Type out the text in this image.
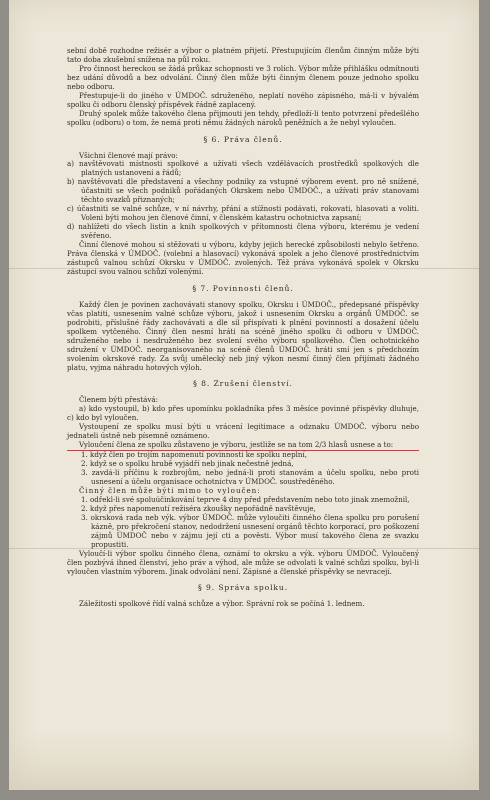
sební době rozhodne režisér a výbor o platném přijetí. Přestupujícím členům činným může býti tato doba zkušební snížena na půl roku.

Pro činnost hereckou se žádá průkaz schopnosti ve 3 rolích. Výbor může přihlášku odmítnouti bez udání důvodů a bez odvolání. Činný člen může býti činným členem pouze jednoho spolku nebo odboru.

Přestupuje-li do jiného v ÚMDOČ. sdruženého, neplatí nového zápisného, má-li v bývalém spolku či odboru členský příspěvek řádně zaplacený.

Druhý spolek může takového člena přijmouti jen tehdy, předloží-li tento potvrzení předešlého spolku (odboru) o tom, že nemá proti němu žádných nároků peněžních a že nebyl vyloučen.

§ 6. Práva členů.

Všichni členové mají právo:

a) navštěvovati místnosti spolkové a užívati všech vzdělávacích prostředků spolkových dle platných ustanovení a řádů;

b) navštěvovati dle představení a všechny podniky za vstupné výborem event. pro ně snížené, účastniti se všech podniků pořádaných Okrskem nebo ÚMDOČ., a užívati práv stanovami těchto svazků přiznaných;

c) účastniti se valné schůze, v ní návrhy, přání a stížnosti podávati, rokovati, hlasovati a voliti. Voleni býti mohou jen členové činní, v členském katastru ochotnictva zapsaní;

d) nahlížeti do všech listin a knih spolkových v přítomnosti člena výboru, kterému je vedení svěřeno.

Činní členové mohou si stěžovati u výboru, kdyby jejich herecké způsobilosti nebylo šetřeno. Práva členská v ÚMDOČ. (volební a hlasovací) vykonává spolek a jeho členové prostřednictvím zástupců valnou schůzí Okrsku v ÚMDOČ. zvolených. Též práva vykonává spolek v Okrsku zástupci svou valnou schůzí volenými.

§ 7. Povinnosti členů.

Každý člen je povinen zachovávati stanovy spolku, Okrsku i ÚMDOČ., předepsané příspěvky včas platiti, usnesením valné schůze výboru, jakož i usnesením Okrsku a orgánů ÚMDOČ. se podrobiti, příslušné řády zachovávati a dle sil přispívati k plnění povinností a dosažení účelu spolkem vytčeného. Činný člen nesmí hráti na scéně jiného spolku či odboru v ÚMDOČ. sdruženého nebo i nesdruženého bez svolení svého výboru spolkového. Člen ochotnického sdružení v ÚMDOČ. neorganisovaného na scéně členů ÚMDOČ. hráti smí jen s předchozím svolením okrskové rady. Za svůj umělecký neb jiný výkon nesmí činný člen přijímati žádného platu, vyjma náhradu hotových výloh.

§ 8. Zrušení členství.

Členem býti přestává:

a) kdo vystoupil, b) kdo přes upomínku pokladníka přes 3 měsíce povinné příspěvky dluhuje, c) kdo byl vyloučen.

Vystoupení ze spolku musí býti u vrácení legitimace a odznaku ÚMDOČ. výboru nebo jednateli ústně neb písemně oznámeno.

Vyloučení člena ze spolku zůstaveno je výboru, jestliže se na tom 2/3 hlasů usnese a to:

1. když člen po trojím napomenutí povinnosti ke spolku neplní,

2. když se o spolku hrubě vyjádří neb jinak nečestně jedná,

3. zavdá-li příčinu k rozbrojům, nebo jedná-li proti stanovám a účelu spolku, nebo proti usnesení a účelu organisace ochotnictva v ÚMDOČ. soustředěného.

Činný člen může býti mimo to vyloučen:

1. odřekl-li své spoluúčinkování teprve 4 dny před představením nebo toto jinak znemožnil,

2. když přes napomenutí režiséra zkoušky nepořádně navštěvuje,

3. okrsková rada neb výk. výbor ÚMDOČ. může vyloučiti činného člena spolku pro porušení kázně, pro překročení stanov, nedodržení usnesení orgánů těchto korporací, pro poškození zájmů ÚMDOČ nebo v zájmu její cti a pověsti. Výbor musí takového člena ze svazku propustiti.

Vyloučí-li výbor spolku činného člena, oznámí to okrsku a výk. výboru ÚMDOČ. Vyloučený člen pozbývá ihned členství, jeho práv a výhod, ale může se odvolati k valné schůzi spolku, byl-li vyloučen vlastním výborem. Jinak odvolání není. Zápisné a členské příspěvky se nevracejí.

§ 9. Správa spolku.

Záležitosti spolkové řídí valná schůze a výbor. Správní rok se počíná 1. lednem.
